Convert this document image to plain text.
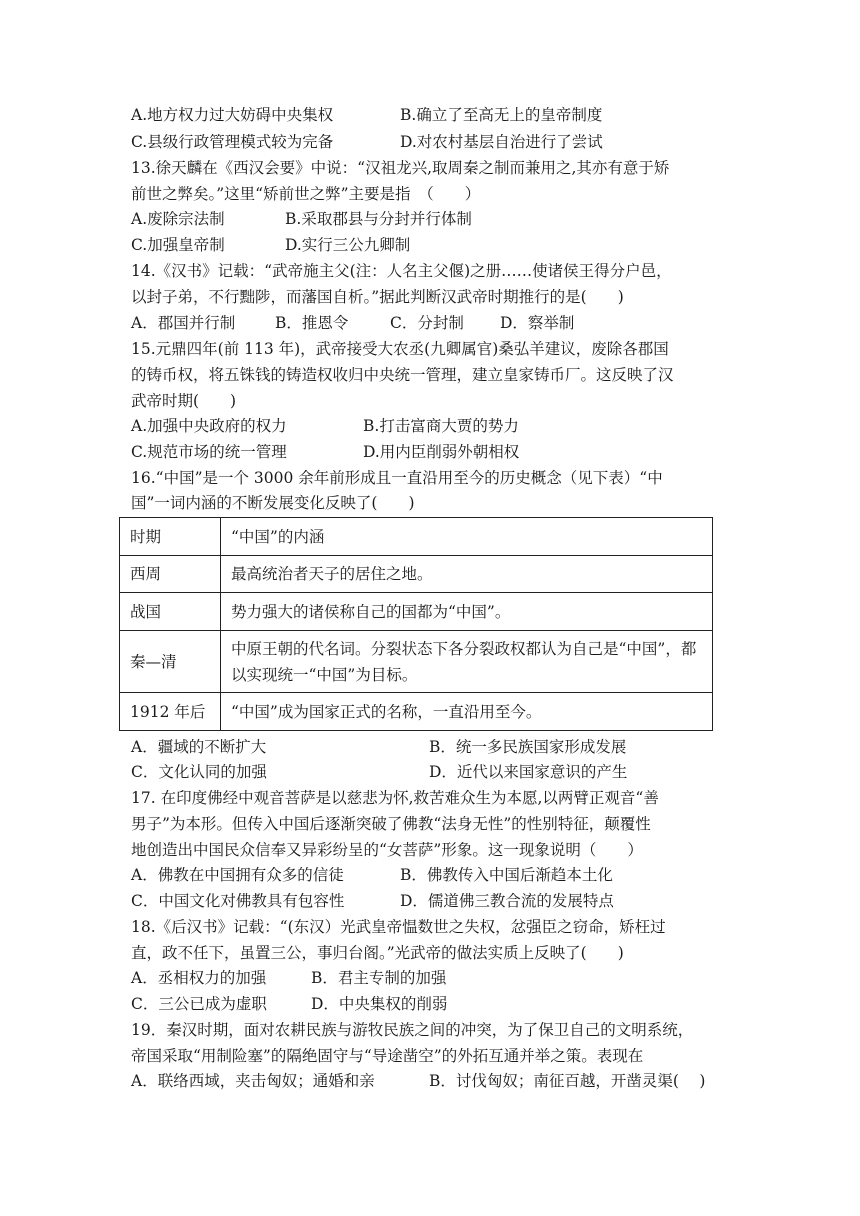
A.地方权力过大妨碍中央集权	B.确立了至高无上的皇帝制度
C.县级行政管理模式较为完备	D.对农村基层自治进行了尝试
13.徐天麟在《西汉会要》中说：“汉祖龙兴,取周秦之制而兼用之,其亦有意于矫
前世之弊矣。”这里“矫前世之弊”主要是指　（　　）
A.废除宗法制	B.采取郡县与分封并行体制
C.加强皇帝制	D.实行三公九卿制
14.《汉书》记载：“武帝施主父(注：人名主父偃)之册……使诸侯王得分户邑，
以封子弟，不行黜陟，而藩国自析。”据此判断汉武帝时期推行的是(　　)
A．郡国并行制	B．推恩令	C．分封制 D．察举制
15.元鼎四年(前 113 年)，武帝接受大农丞(九卿属官)桑弘羊建议，废除各郡国
的铸币权，将五铢钱的铸造权收归中央统一管理，建立皇家铸币厂。这反映了汉
武帝时期(　　)
A.加强中央政府的权力	B.打击富商大贾的势力
C.规范市场的统一管理	D.用内臣削弱外朝相权
16.“中国”是一个 3000 余年前形成且一直沿用至今的历史概念（见下表）“中
国”一词内涵的不断发展变化反映了(　　)
时期	“中国”的内涵
西周	最高统治者天子的居住之地。
战国	势力强大的诸侯称自己的国都为“中国”。
秦—清	中原王朝的代名词。分裂状态下各分裂政权都认为自己是“中国”，都以实现统一“中国”为目标。
1912 年后	“中国”成为国家正式的名称，一直沿用至今。
A．疆域的不断扩大	B．统一多民族国家形成发展
C．文化认同的加强	D．近代以来国家意识的产生
17. 在印度佛经中观音菩萨是以慈悲为怀,救苦难众生为本愿,以两臂正观音“善
男子”为本形。但传入中国后逐渐突破了佛教“法身无性”的性别特征，颠覆性
地创造出中国民众信奉又异彩纷呈的“女菩萨”形象。这一现象说明（　　）
A．佛教在中国拥有众多的信徒	B．佛教传入中国后渐趋本土化
C．中国文化对佛教具有包容性	D．儒道佛三教合流的发展特点
18.《后汉书》记载：“(东汉）光武皇帝愠数世之失权，忿强臣之窃命，矫枉过
直，政不任下，虽置三公，事归台阁。”光武帝的做法实质上反映了(　　)
A．丞相权力的加强	B．君主专制的加强
C．三公已成为虚职	D．中央集权的削弱
19．秦汉时期，面对农耕民族与游牧民族之间的冲突，为了保卫自己的文明系统，
帝国采取“用制险塞”的隔绝固守与“导途凿空”的外拓互通并举之策。表现在
A．联络西域，夹击匈奴；通婚和亲	B．讨伐匈奴；南征百越，开凿灵渠(　 )
